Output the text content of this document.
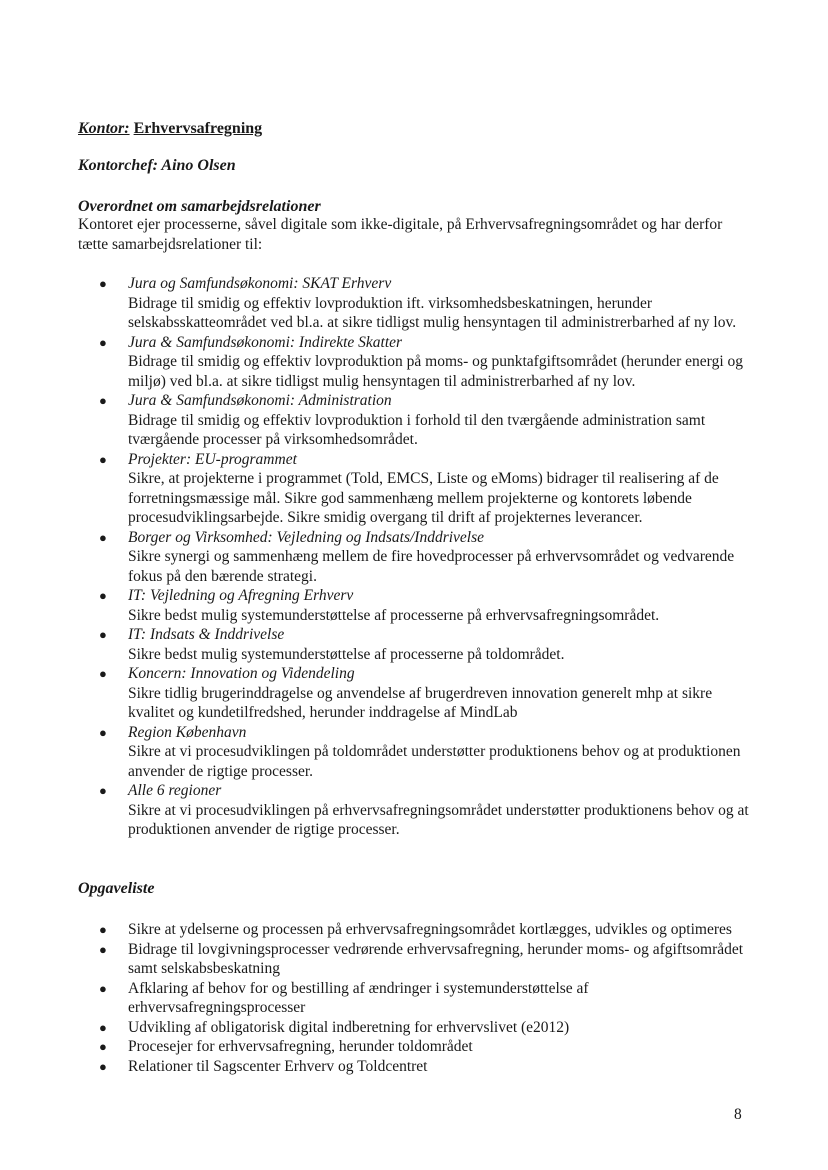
Kontor: Erhvervsafregning
Kontorchef: Aino Olsen
Overordnet om samarbejdsrelationer
Kontoret ejer processerne, såvel digitale som ikke-digitale, på Erhvervsafregningsområdet og har derfor tætte samarbejdsrelationer til:
● Jura og Samfundsøkonomi: SKAT Erhverv
Bidrage til smidig og effektiv lovproduktion ift. virksomhedsbeskatningen, herunder selskabsskatteområdet ved bl.a. at sikre tidligst mulig hensyntagen til administrerbarhed af ny lov.
● Jura & Samfundsøkonomi: Indirekte Skatter
Bidrage til smidig og effektiv lovproduktion på moms- og punktafgiftsområdet (herunder energi og miljø) ved bl.a. at sikre tidligst mulig hensyntagen til administrerbarhed af ny lov.
● Jura & Samfundsøkonomi: Administration
Bidrage til smidig og effektiv lovproduktion i forhold til den tværgående administration samt tværgående processer på virksomhedsområdet.
● Projekter: EU-programmet
Sikre, at projekterne i programmet (Told, EMCS, Liste og eMoms) bidrager til realisering af de forretningsmæssige mål. Sikre god sammenhæng mellem projekterne og kontorets løbende procesudviklingsarbejde. Sikre smidig overgang til drift af projekternes leverancer.
● Borger og Virksomhed: Vejledning og Indsats/Inddrivelse
Sikre synergi og sammenhæng mellem de fire hovedprocesser på erhvervsområdet og vedvarende fokus på den bærende strategi.
● IT: Vejledning og Afregning Erhverv
Sikre bedst mulig systemunderstøttelse af processerne på erhvervsafregningsområdet.
● IT: Indsats & Inddrivelse
Sikre bedst mulig systemunderstøttelse af processerne på toldområdet.
● Koncern: Innovation og Videndeling
Sikre tidlig brugerinddragelse og anvendelse af brugerdreven innovation generelt mhp at sikre kvalitet og kundetilfredshed, herunder inddragelse af MindLab
● Region København
Sikre at vi procesudviklingen på toldområdet understøtter produktionens behov og at produktionen anvender de rigtige processer.
● Alle 6 regioner
Sikre at vi procesudviklingen på erhvervsafregningsområdet understøtter produktionens behov og at produktionen anvender de rigtige processer.
Opgaveliste
● Sikre at ydelserne og processen på erhvervsafregningsområdet kortlægges, udvikles og optimeres
● Bidrage til lovgivningsprocesser vedrørende erhvervsafregning, herunder moms- og afgiftsområdet samt selskabsbeskatning
● Afklaring af behov for og bestilling af ændringer i systemunderstøttelse af erhvervsafregningsprocesser
● Udvikling af obligatorisk digital indberetning for erhvervslivet (e2012)
● Procesejer for erhvervsafregning, herunder toldområdet
● Relationer til Sagscenter Erhverv og Toldcentret
8
